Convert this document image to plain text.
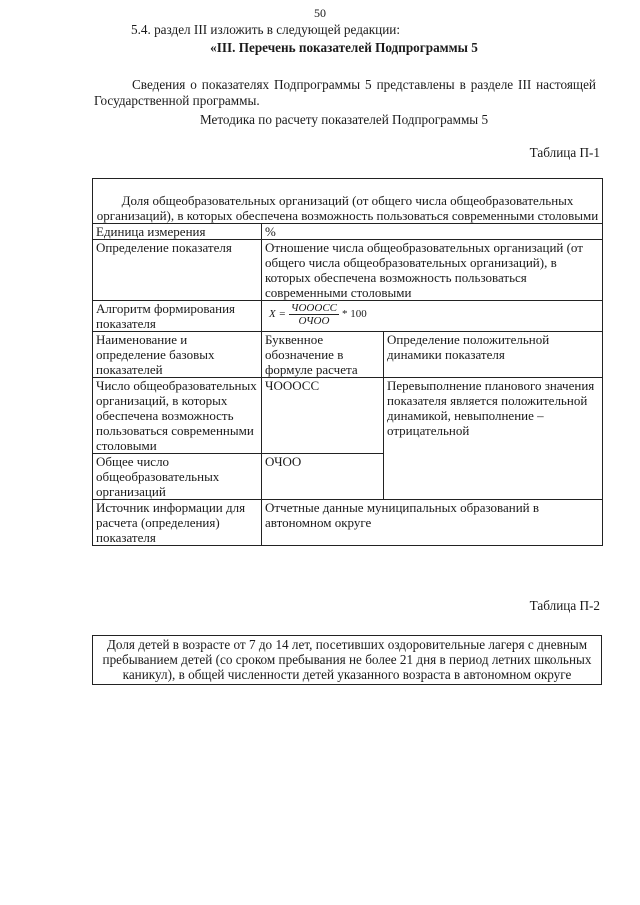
50
5.4. раздел III изложить в следующей редакции:
«III. Перечень показателей Подпрограммы 5
Сведения о показателях Подпрограммы 5 представлены в разделе III настоящей Государственной программы.
Методика по расчету показателей Подпрограммы 5
Таблица П-1
Доля общеобразовательных организаций (от общего числа общеобразовательных организаций), в которых обеспечена возможность пользоваться современными столовыми		
Единица измерения	%	
Определение показателя	Отношение числа общеобразовательных организаций (от общего числа общеобразовательных организаций), в которых обеспечена возможность пользоваться современными столовыми	
Алгоритм формирования показателя	$X = \frac{\text{ЧОООСС}}{\text{ОЧОО}} * 100$	

Наименование и определение базовых показателей	Буквенное обозначение в формуле расчета	Определение положительной динамики показателя
Число общеобразовательных организаций, в которых обеспечена возможность пользоваться современными столовыми	ЧОООСС	Перевыполнение планового значения показателя является положительной динамикой, невыполнение – отрицательной
Общее число общеобразовательных организаций	ОЧОО	
Источник информации для расчета (определения) показателя	Отчетные данные муниципальных образований в автономном округе	
Таблица П-2
Доля детей в возрасте от 7 до 14 лет, посетивших оздоровительные лагеря с дневным пребыванием детей (со сроком пребывания не более 21 дня в период летних школьных каникул), в общей численности детей указанного возраста в автономном округе
